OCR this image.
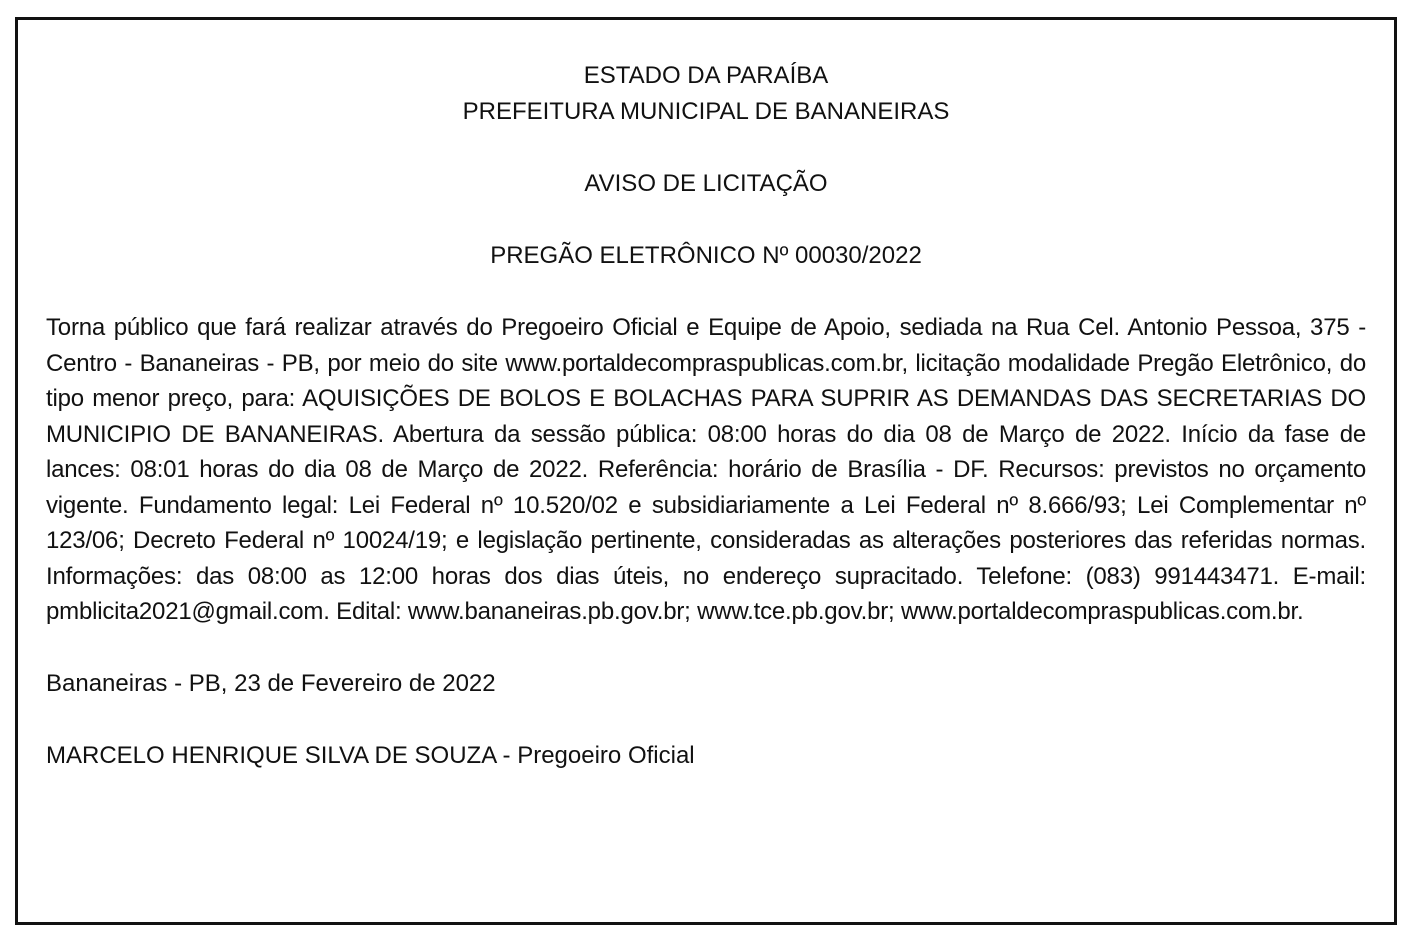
ESTADO DA PARAÍBA

PREFEITURA MUNICIPAL DE BANANEIRAS

AVISO DE LICITAÇÃO

PREGÃO ELETRÔNICO Nº 00030/2022

Torna público que fará realizar através do Pregoeiro Oficial e Equipe de Apoio, sediada na Rua Cel. Antonio Pessoa, 375 - Centro - Bananeiras - PB, por meio do site www.portaldecompraspublicas.com.br, licitação modalidade Pregão Eletrônico, do tipo menor preço, para: AQUISIÇÕES DE BOLOS E BOLACHAS PARA SUPRIR AS DEMANDAS DAS SECRETARIAS DO MUNICIPIO DE BANANEIRAS. Abertura da sessão pública: 08:00 horas do dia 08 de Março de 2022. Início da fase de lances: 08:01 horas do dia 08 de Março de 2022. Referência: horário de Brasília - DF. Recursos: previstos no orçamento vigente. Fundamento legal: Lei Federal nº 10.520/02 e subsidiariamente a Lei Federal nº 8.666/93; Lei Complementar nº 123/06; Decreto Federal nº 10024/19; e legislação pertinente, consideradas as alterações posteriores das referidas normas. Informações: das 08:00 as 12:00 horas dos dias úteis, no endereço supracitado. Telefone: (083) 991443471. E-mail: pmblicita2021@gmail.com. Edital: www.bananeiras.pb.gov.br; www.tce.pb.gov.br; www.portaldecompraspublicas.com.br.

Bananeiras - PB, 23 de Fevereiro de 2022

MARCELO HENRIQUE SILVA DE SOUZA - Pregoeiro Oficial
